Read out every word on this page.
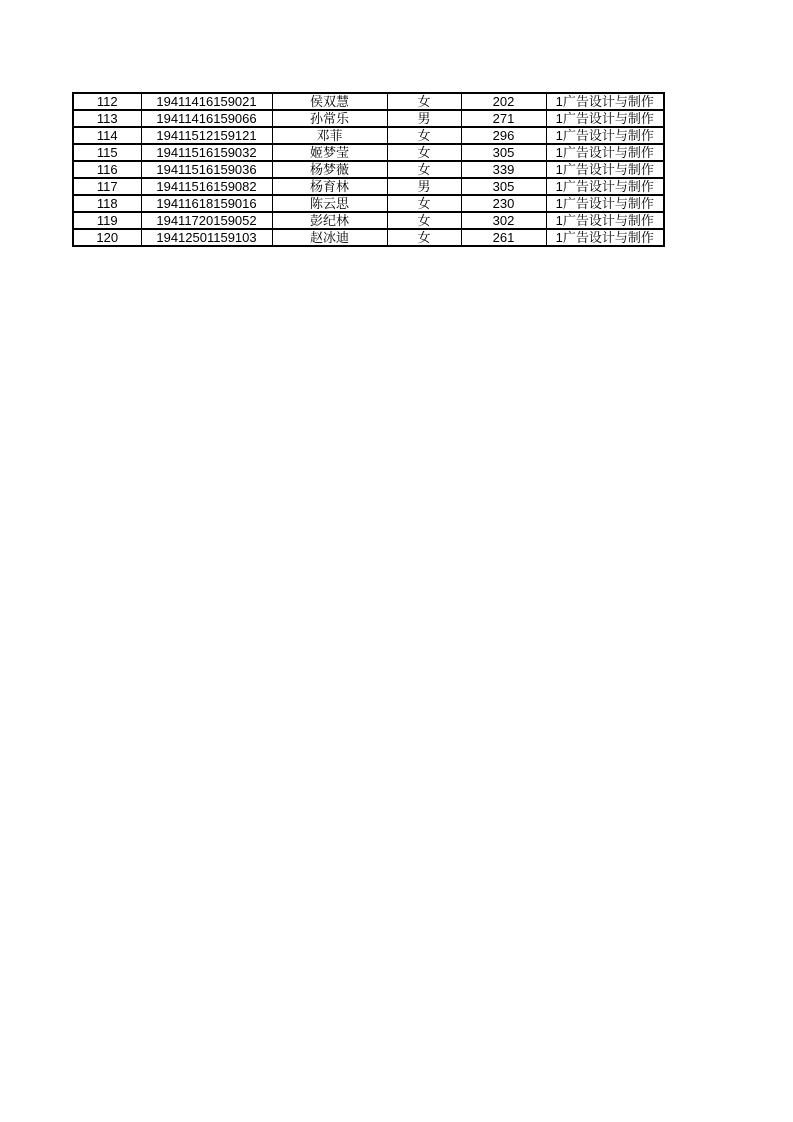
112	19411416159021	侯双慧	女	202	1广告设计与制作
113	19411416159066	孙常乐	男	271	1广告设计与制作
114	19411512159121	邓菲	女	296	1广告设计与制作
115	19411516159032	姬梦莹	女	305	1广告设计与制作
116	19411516159036	杨梦薇	女	339	1广告设计与制作
117	19411516159082	杨育林	男	305	1广告设计与制作
118	19411618159016	陈云思	女	230	1广告设计与制作
119	19411720159052	彭纪林	女	302	1广告设计与制作
120	19412501159103	赵冰迪	女	261	1广告设计与制作
